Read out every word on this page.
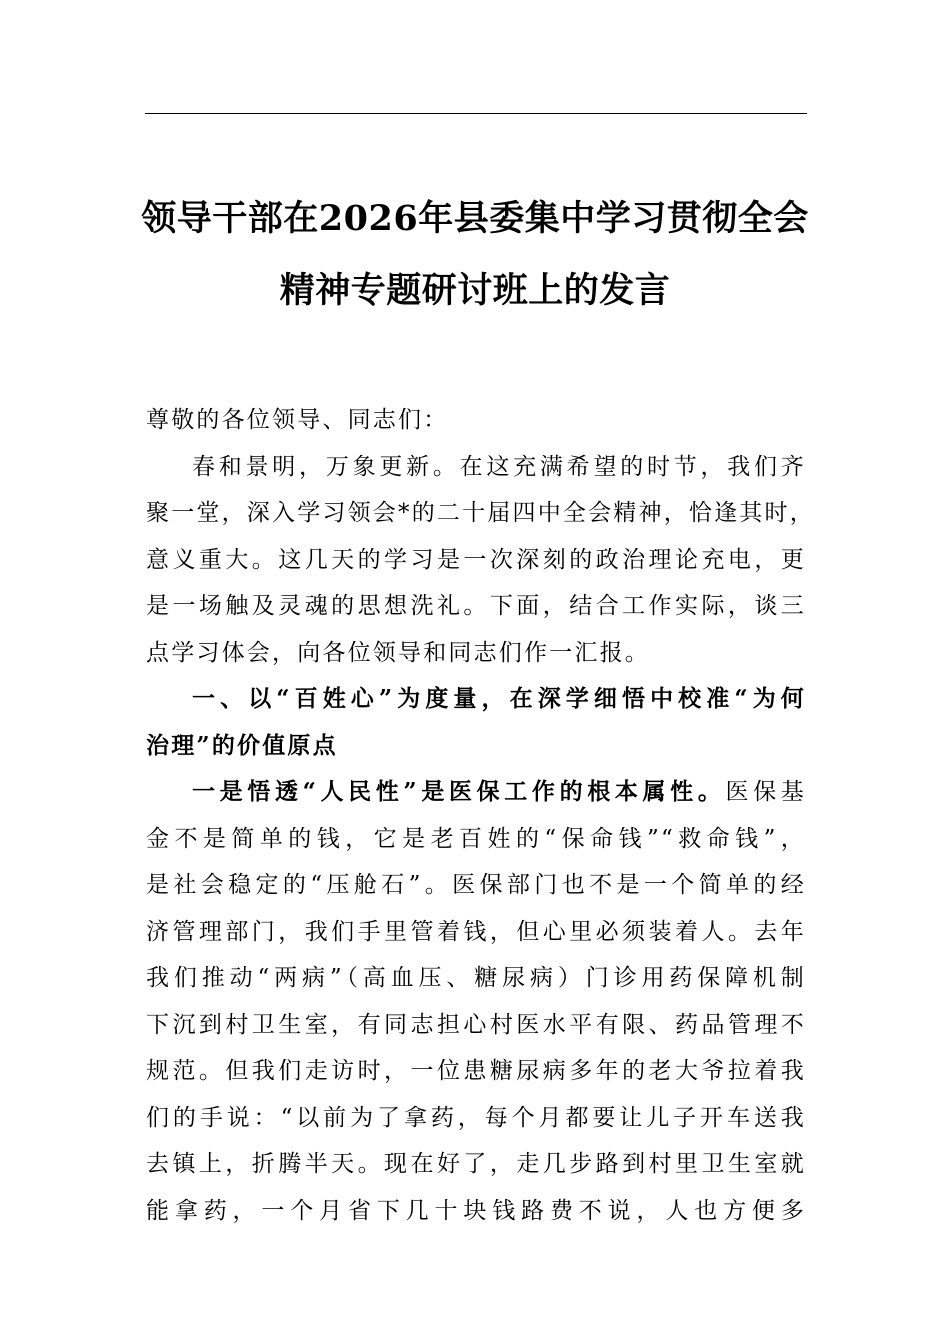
领导干部在2026年县委集中学习贯彻全会
精神专题研讨班上的发言
尊敬的各位领导、同志们：
春和景明，万象更新。在这充满希望的时节，我们齐
聚一堂，深入学习领会*的二十届四中全会精神，恰逢其时，
意义重大。这几天的学习是一次深刻的政治理论充电，更
是一场触及灵魂的思想洗礼。下面，结合工作实际，谈三
点学习体会，向各位领导和同志们作一汇报。
一、以“百姓心”为度量，在深学细悟中校准“为何
治理”的价值原点
一是悟透“人民性”是医保工作的根本属性。医保基
金不是简单的钱，它是老百姓的“保命钱”“救命钱”，
是社会稳定的“压舱石”。医保部门也不是一个简单的经
济管理部门，我们手里管着钱，但心里必须装着人。去年
我们推动“两病”（高血压、糖尿病）门诊用药保障机制
下沉到村卫生室，有同志担心村医水平有限、药品管理不
规范。但我们走访时，一位患糖尿病多年的老大爷拉着我
们的手说：“以前为了拿药，每个月都要让儿子开车送我
去镇上，折腾半天。现在好了，走几步路到村里卫生室就
能拿药，一个月省下几十块钱路费不说，人也方便多
